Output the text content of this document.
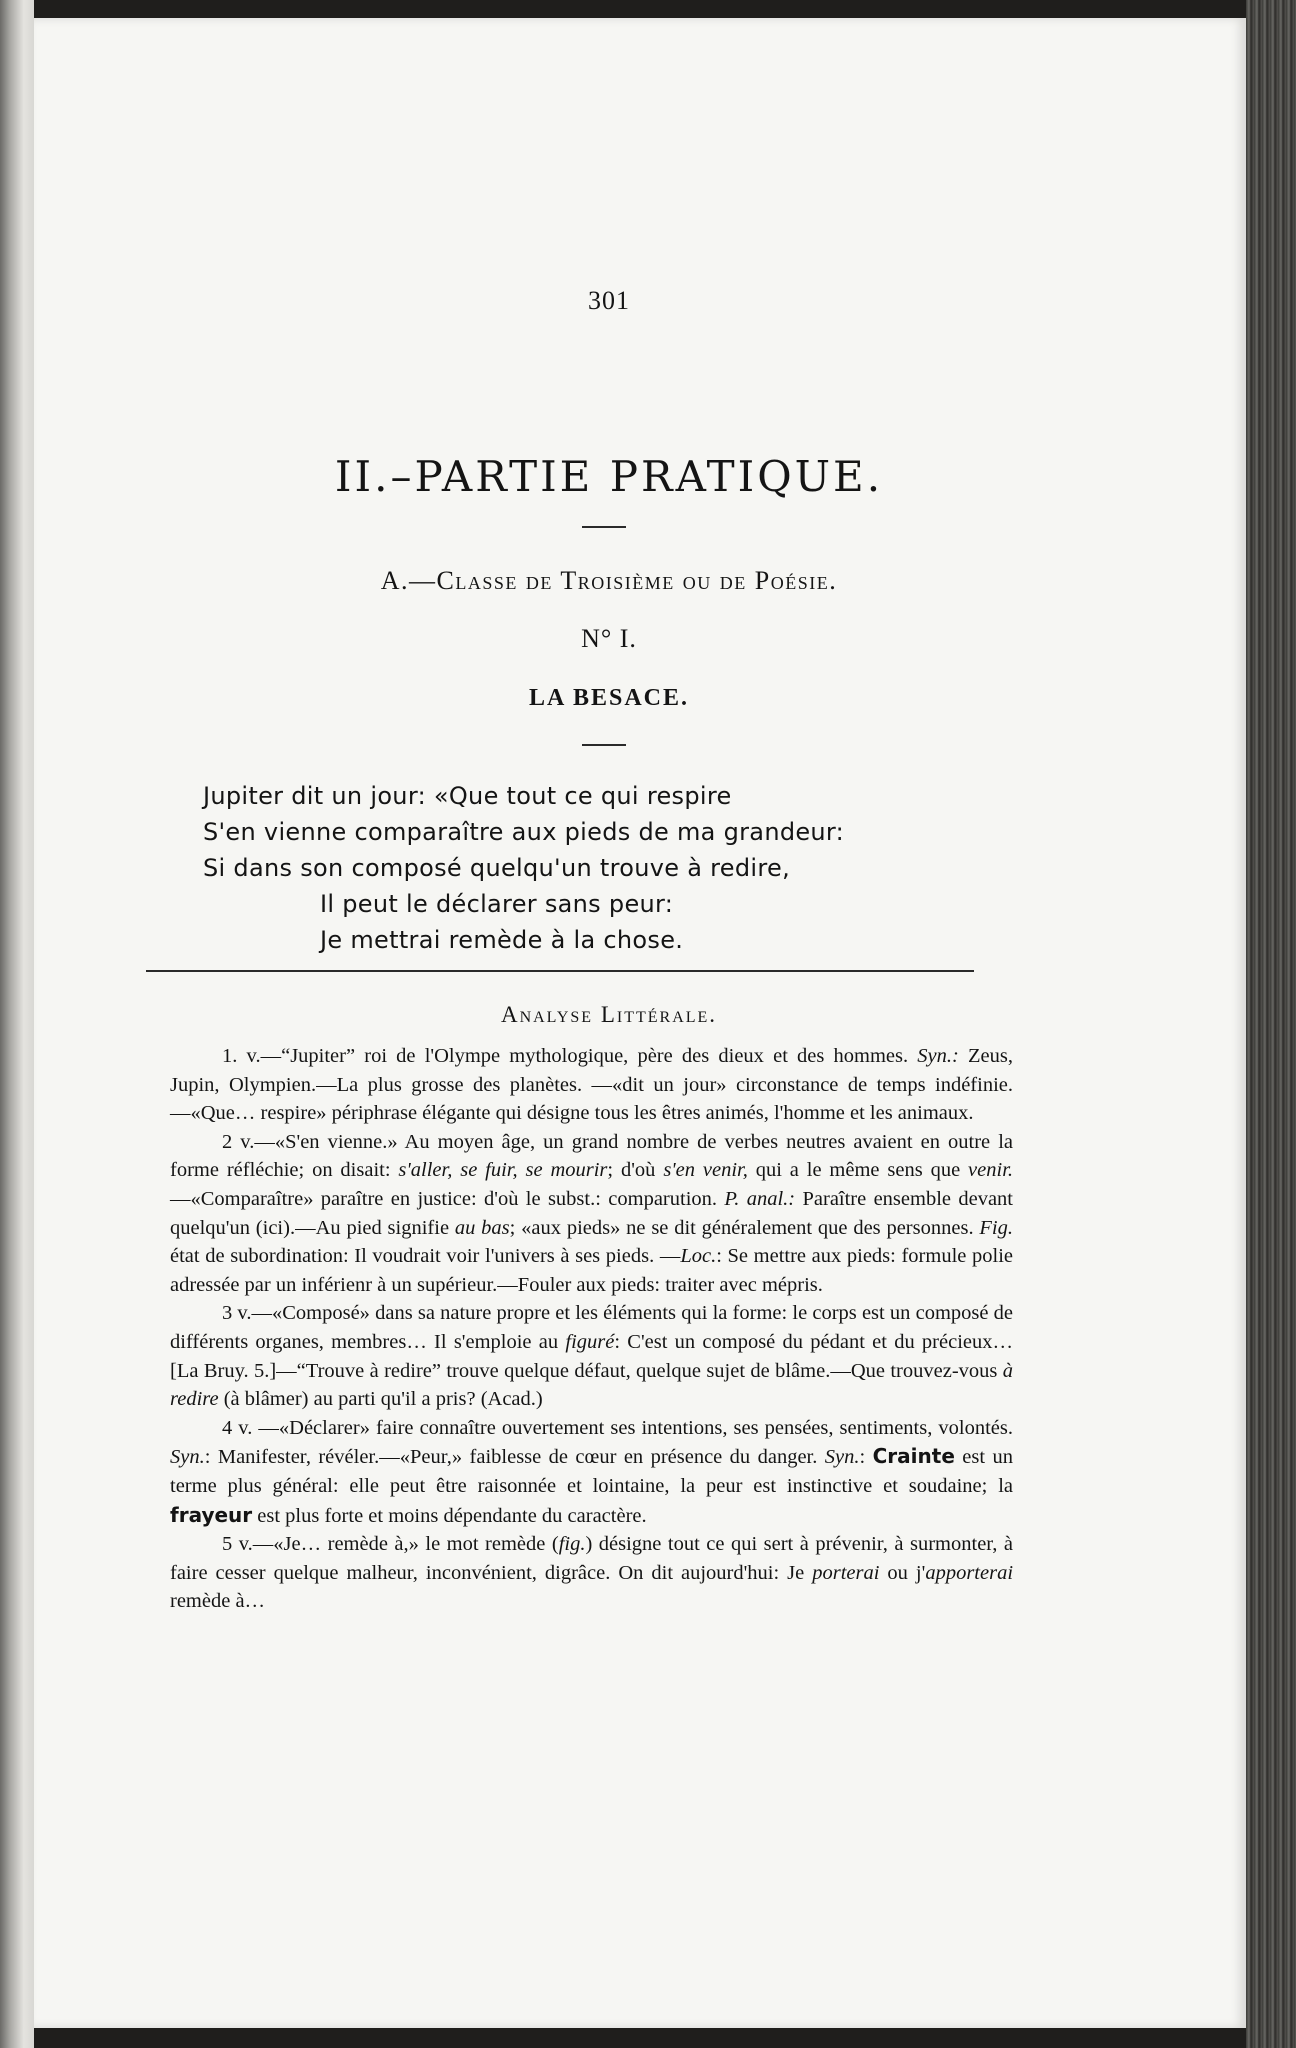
301
II.–PARTIE PRATIQUE.
A.—Classe de Troisième ou de Poésie.
N° I.
LA BESACE.
Jupiter dit un jour: «Que tout ce qui respire
S'en vienne comparaître aux pieds de ma grandeur:
Si dans son composé quelqu'un trouve à redire,
Il peut le déclarer sans peur:
Je mettrai remède à la chose.
Analyse Littérale.

1. v.—“Jupiter” roi de l'Olympe mythologique, père des dieux et des hommes. Syn.: Zeus, Jupin, Olympien.—La plus grosse des planètes. —«dit un jour» circonstance de temps indéfinie. —«Que… respire» périphrase élégante qui désigne tous les êtres animés, l'homme et les animaux.

2 v.—«S'en vienne.» Au moyen âge, un grand nombre de verbes neutres avaient en outre la forme réfléchie; on disait: s'aller, se fuir, se mourir; d'où s'en venir, qui a le même sens que venir.—«Comparaître» paraître en justice: d'où le subst.: comparution. P. anal.: Paraître ensemble devant quelqu'un (ici).—Au pied signifie au bas; «aux pieds» ne se dit généralement que des personnes. Fig. état de subordination: Il voudrait voir l'univers à ses pieds. —Loc.: Se mettre aux pieds: formule polie adressée par un inférienr à un supérieur.—Fouler aux pieds: traiter avec mépris.

3 v.—«Composé» dans sa nature propre et les éléments qui la forme: le corps est un composé de différents organes, membres… Il s'emploie au figuré: C'est un composé du pédant et du précieux… [La Bruy. 5.]—“Trouve à redire” trouve quelque défaut, quelque sujet de blâme.—Que trouvez-vous à redire (à blâmer) au parti qu'il a pris? (Acad.)

4 v. —«Déclarer» faire connaître ouvertement ses intentions, ses pensées, sentiments, volontés. Syn.: Manifester, révéler.—«Peur,» faiblesse de cœur en présence du danger. Syn.: Crainte est un terme plus général: elle peut être raisonnée et lointaine, la peur est instinctive et soudaine; la frayeur est plus forte et moins dépendante du caractère.

5 v.—«Je… remède à,» le mot remède (fig.) désigne tout ce qui sert à prévenir, à surmonter, à faire cesser quelque malheur, inconvénient, digrâce. On dit aujourd'hui: Je porterai ou j'apporterai remède à…
